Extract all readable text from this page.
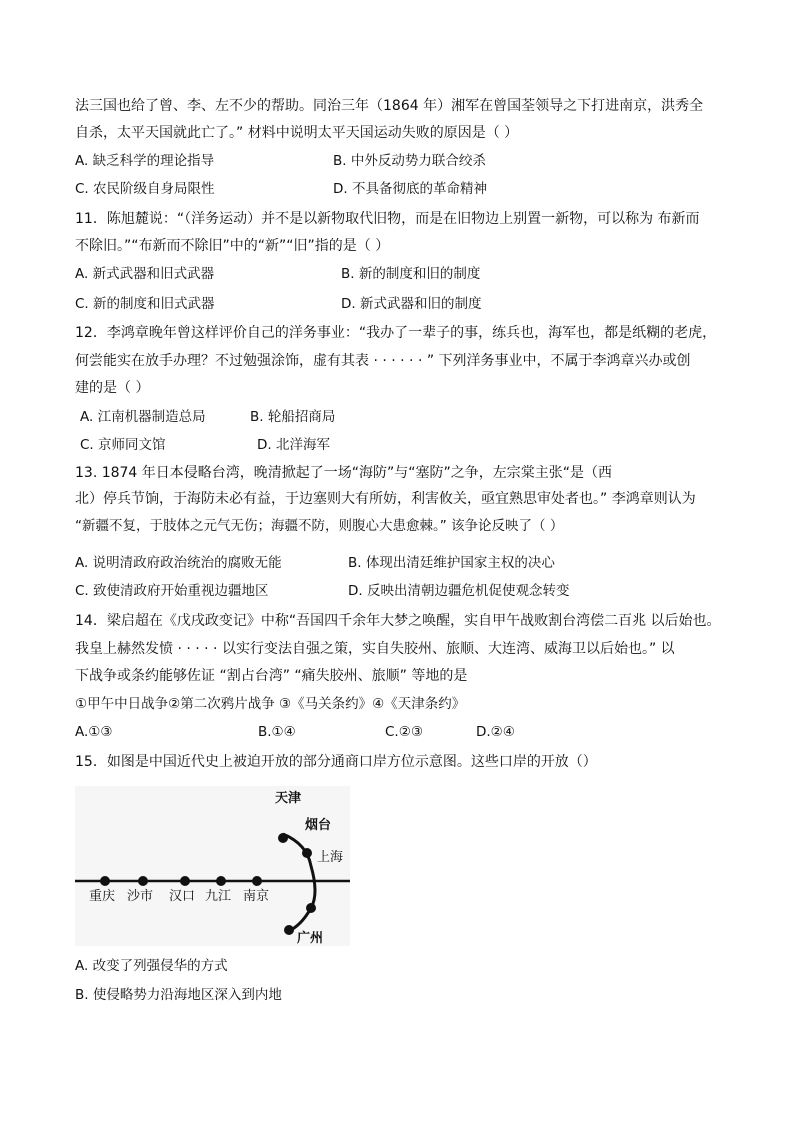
法三国也给了曾、李、左不少的帮助。同治三年（1864 年）湘军在曾国荃领导之下打进南京，洪秀全
自杀，太平天国就此亡了。” 材料中说明太平天国运动失败的原因是（ ）
A. 缺乏科学的理论指导	B. 中外反动势力联合绞杀
C. 农民阶级自身局限性	D. 不具备彻底的革命精神
11．陈旭麓说：“（洋务运动）并不是以新物取代旧物，而是在旧物边上别置一新物，可以称为 布新而
不除旧。”“布新而不除旧”中的“新”“旧”指的是（ ）
A. 新式武器和旧式武器	B. 新的制度和旧的制度
C. 新的制度和旧式武器	D. 新式武器和旧的制度
12．李鸿章晚年曾这样评价自己的洋务事业：“我办了一辈子的事，练兵也，海军也，都是纸糊的老虎，
何尝能实在放手办理？不过勉强涂饰，虚有其表 · · · · · · ” 下列洋务事业中，不属于李鸿章兴办或创
建的是（ ）
A. 江南机器制造总局	B. 轮船招商局
C. 京师同文馆	D. 北洋海军
13. 1874 年日本侵略台湾，晚清掀起了一场“海防”与“塞防”之争，左宗棠主张“是（西
北）停兵节饷，于海防未必有益，于边塞则大有所妨，利害攸关，亟宜熟思审处者也。” 李鸿章则认为
“新疆不复，于肢体之元气无伤；海疆不防，则腹心大患愈棘。” 该争论反映了（ ）
A. 说明清政府政治统治的腐败无能	B. 体现出清廷维护国家主权的决心
C. 致使清政府开始重视边疆地区	D. 反映出清朝边疆危机促使观念转变
14．梁启超在《戊戌政变记》中称“吾国四千余年大梦之唤醒，实自甲午战败割台湾偿二百兆 以后始也。
我皇上赫然发愤 · · · · · 以实行变法自强之策，实自失胶州、旅顺、大连湾、威海卫以后始也。” 以
下战争或条约能够佐证 “割占台湾” “痛失胶州、旅顺” 等地的是
①甲午中日战争②第二次鸦片战争 ③《马关条约》④《天津条约》
A.①③	B.①④	C.②③	D.②④
15．如图是中国近代史上被迫开放的部分通商口岸方位示意图。这些口岸的开放（）
天津
烟台
上海
重庆 沙市 汉口 九江 南京
广州
A. 改变了列强侵华的方式
B. 使侵略势力沿海地区深入到内地
